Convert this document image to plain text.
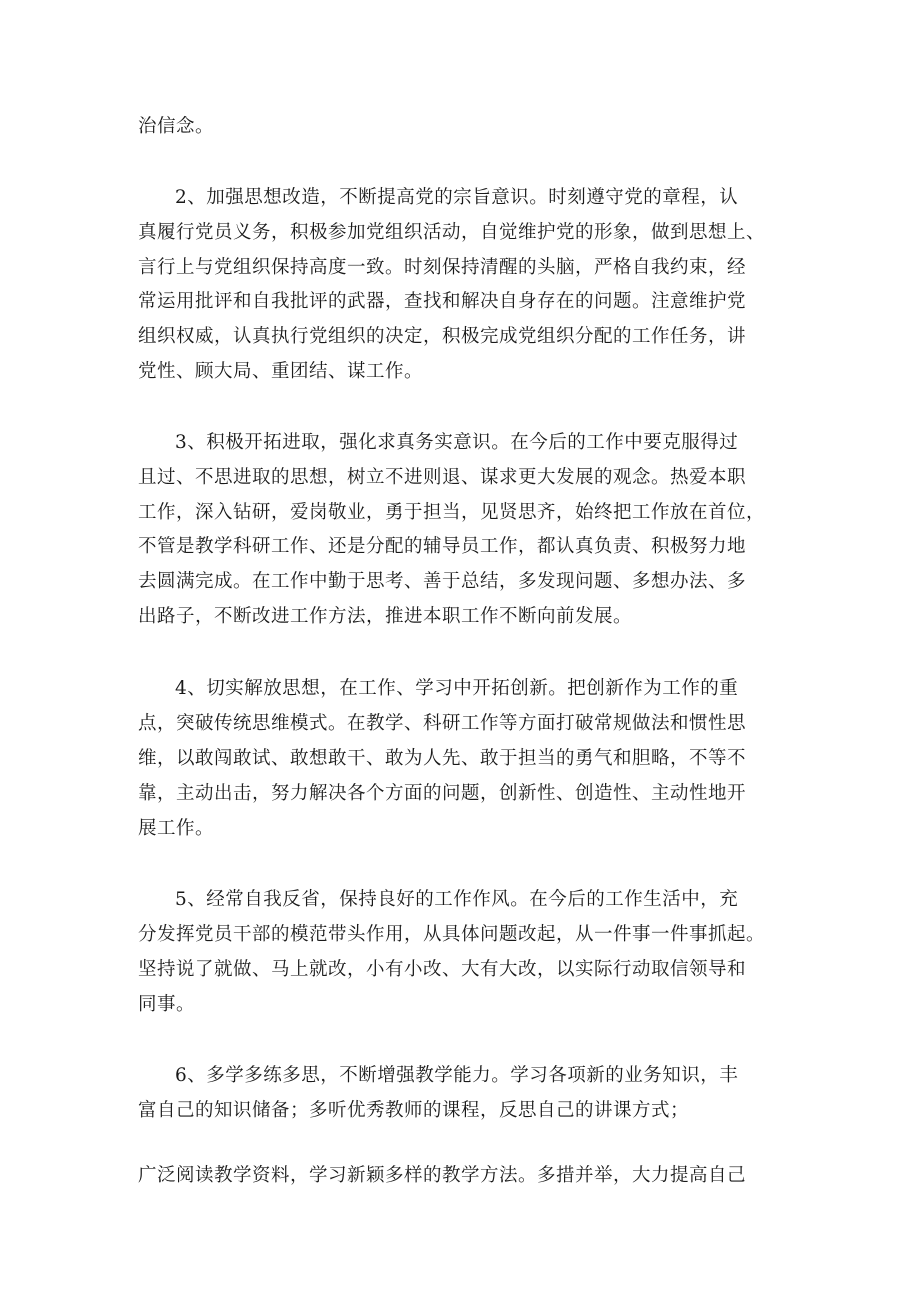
治信念。
2、加强思想改造，不断提高党的宗旨意识。时刻遵守党的章程，认
真履行党员义务，积极参加党组织活动，自觉维护党的形象，做到思想上、
言行上与党组织保持高度一致。时刻保持清醒的头脑，严格自我约束，经
常运用批评和自我批评的武器，查找和解决自身存在的问题。注意维护党
组织权威，认真执行党组织的决定，积极完成党组织分配的工作任务，讲
党性、顾大局、重团结、谋工作。
3、积极开拓进取，强化求真务实意识。在今后的工作中要克服得过
且过、不思进取的思想，树立不进则退、谋求更大发展的观念。热爱本职
工作，深入钻研，爱岗敬业，勇于担当，见贤思齐，始终把工作放在首位，
不管是教学科研工作、还是分配的辅导员工作，都认真负责、积极努力地
去圆满完成。在工作中勤于思考、善于总结，多发现问题、多想办法、多
出路子，不断改进工作方法，推进本职工作不断向前发展。
4、切实解放思想，在工作、学习中开拓创新。把创新作为工作的重
点，突破传统思维模式。在教学、科研工作等方面打破常规做法和惯性思
维，以敢闯敢试、敢想敢干、敢为人先、敢于担当的勇气和胆略，不等不
靠，主动出击，努力解决各个方面的问题，创新性、创造性、主动性地开
展工作。
5、经常自我反省，保持良好的工作作风。在今后的工作生活中，充
分发挥党员干部的模范带头作用，从具体问题改起，从一件事一件事抓起。
坚持说了就做、马上就改，小有小改、大有大改，以实际行动取信领导和
同事。
6、多学多练多思，不断增强教学能力。学习各项新的业务知识，丰
富自己的知识储备；多听优秀教师的课程，反思自己的讲课方式；
广泛阅读教学资料，学习新颖多样的教学方法。多措并举，大力提高自己
